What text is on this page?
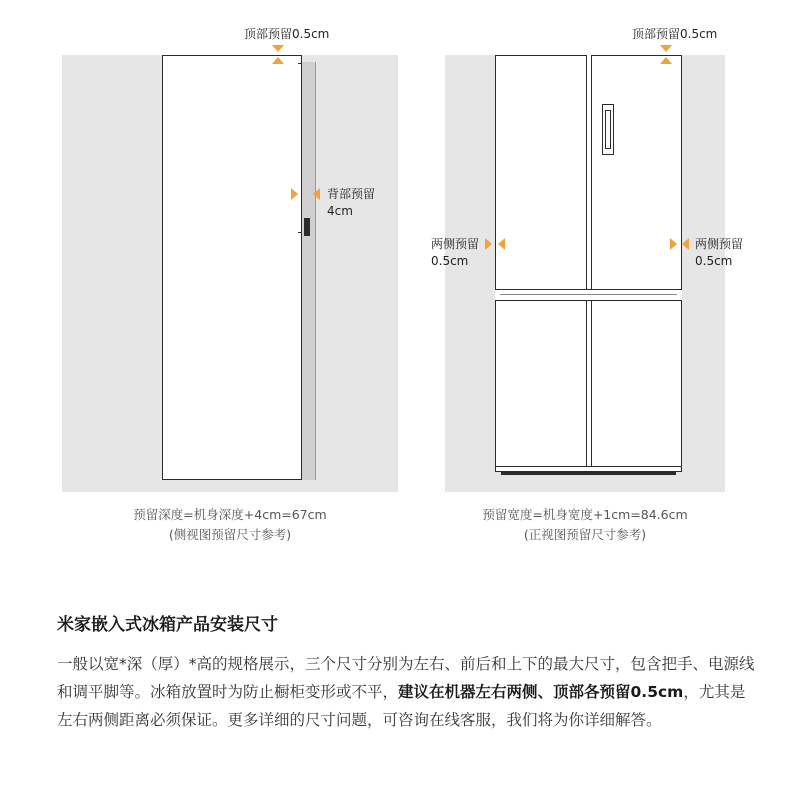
顶部预留0.5cm
背部预留
4cm
预留深度=机身深度+4cm=67cm
(侧视图预留尺寸参考)
顶部预留0.5cm
两侧预留
0.5cm
两侧预留
0.5cm
预留宽度=机身宽度+1cm=84.6cm
(正视图预留尺寸参考)
米家嵌入式冰箱产品安装尺寸
一般以宽*深（厚）*高的规格展示，三个尺寸分别为左右、前后和上下的最大尺寸，包含把手、电源线和调平脚等。冰箱放置时为防止橱柜变形或不平，建议在机器左右两侧、顶部各预留0.5cm，尤其是左右两侧距离必须保证。更多详细的尺寸问题，可咨询在线客服，我们将为你详细解答。
